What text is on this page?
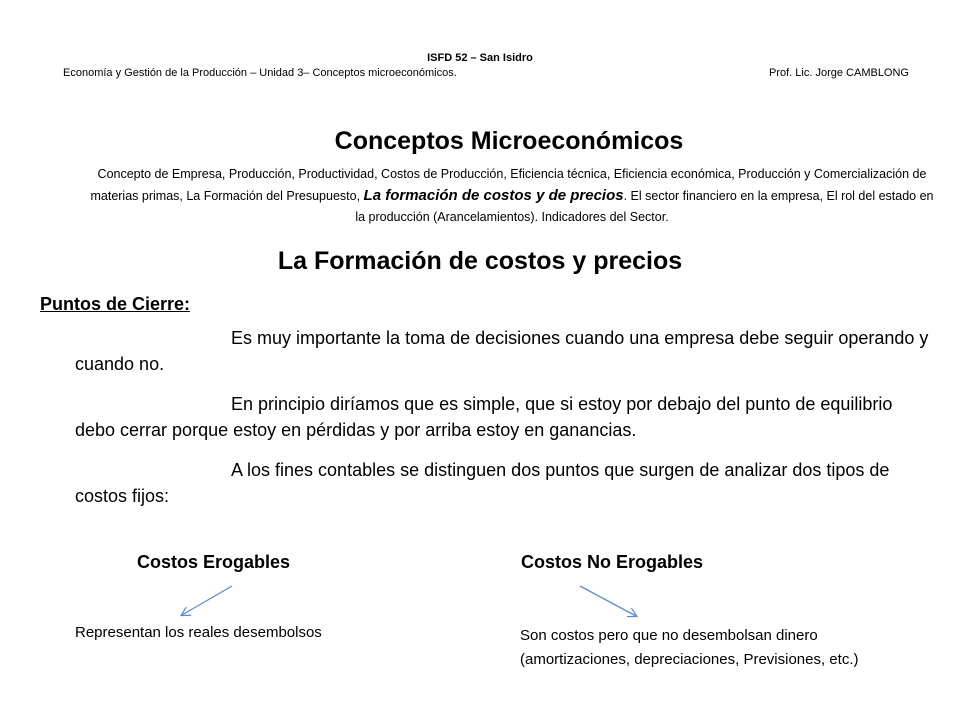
ISFD 52 – San Isidro
Economía y Gestión de la Producción – Unidad 3– Conceptos microeconómicos.	Prof. Lic. Jorge CAMBLONG
Conceptos Microeconómicos
Concepto de Empresa, Producción, Productividad, Costos de Producción, Eficiencia técnica, Eficiencia económica, Producción y Comercialización de materias primas, La Formación del Presupuesto, La formación de costos y de precios. El sector financiero en la empresa, El rol del estado en la producción (Arancelamientos). Indicadores del Sector.
La Formación de costos y precios
Puntos de Cierre:
Es muy importante la toma de decisiones cuando una empresa debe seguir operando y cuando no.
En principio diríamos que es simple, que si estoy por debajo del punto de equilibrio debo cerrar porque estoy en pérdidas y por arriba estoy en ganancias.
A los fines contables se distinguen dos puntos que surgen de analizar dos tipos de costos fijos:
Costos Erogables	Costos No Erogables
Representan los reales desembolsos	Son costos pero que no desembolsan dinero (amortizaciones, depreciaciones, Previsiones, etc.)
